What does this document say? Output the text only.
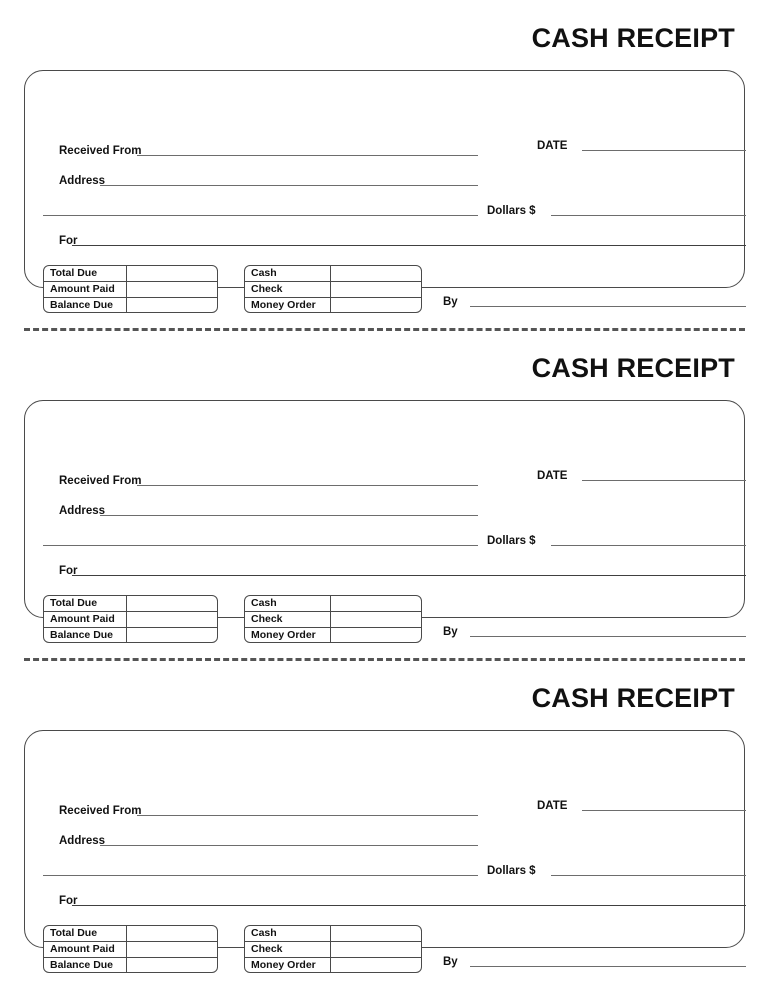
CASH RECEIPT
Received From
Address
For
DATE
Dollars $
By
Total Due
Amount Paid
Balance Due
Cash
Check
Money Order
CASH RECEIPT
Received From
Address
For
DATE
Dollars $
By
Total Due
Amount Paid
Balance Due
Cash
Check
Money Order
CASH RECEIPT
Received From
Address
For
DATE
Dollars $
By
Total Due
Amount Paid
Balance Due
Cash
Check
Money Order
